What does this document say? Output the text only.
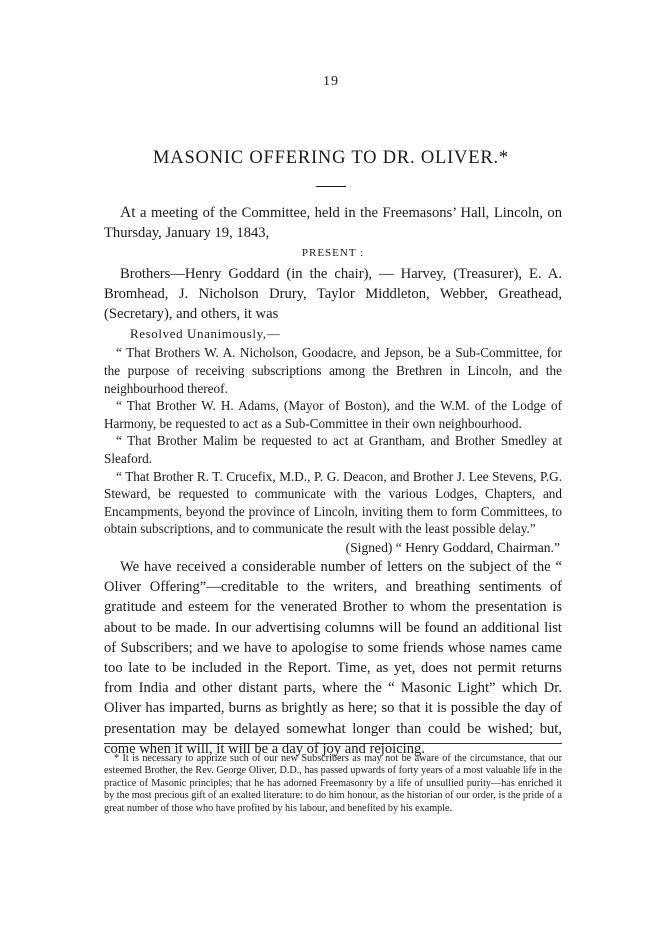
19
MASONIC OFFERING TO DR. OLIVER.*

At a meeting of the Committee, held in the Freemasons’ Hall, Lincoln, on Thursday, January 19, 1843,

PRESENT :

Brothers—Henry Goddard (in the chair), — Harvey, (Treasurer), E. A. Bromhead, J. Nicholson Drury, Taylor Middleton, Webber, Greathead, (Secretary), and others, it was

Resolved Unanimously,—

“ That Brothers W. A. Nicholson, Goodacre, and Jepson, be a Sub-Committee, for the purpose of receiving subscriptions among the Brethren in Lincoln, and the neighbourhood thereof.

“ That Brother W. H. Adams, (Mayor of Boston), and the W.M. of the Lodge of Harmony, be requested to act as a Sub-Committee in their own neighbourhood.

“ That Brother Malim be requested to act at Grantham, and Brother Smedley at Sleaford.

“ That Brother R. T. Crucefix, M.D., P. G. Deacon, and Brother J. Lee Stevens, P.G. Steward, be requested to communicate with the various Lodges, Chapters, and Encampments, beyond the province of Lincoln, inviting them to form Committees, to obtain subscriptions, and to communicate the result with the least possible delay.”

(Signed) “ Henry Goddard, Chairman.”

We have received a considerable number of letters on the subject of the “ Oliver Offering”—creditable to the writers, and breathing sentiments of gratitude and esteem for the venerated Brother to whom the presentation is about to be made. In our advertising columns will be found an additional list of Subscribers; and we have to apologise to some friends whose names came too late to be included in the Report. Time, as yet, does not permit returns from India and other distant parts, where the “ Masonic Light” which Dr. Oliver has imparted, burns as brightly as here; so that it is possible the day of presentation may be delayed somewhat longer than could be wished; but, come when it will, it will be a day of joy and rejoicing.

* It is necessary to apprize such of our new Subscribers as may not be aware of the circumstance, that our esteemed Brother, the Rev. George Oliver, D.D., has passed upwards of forty years of a most valuable life in the practice of Masonic principles; that he has adorned Freemasonry by a life of unsullied purity—has enriched it by the most precious gift of an exalted literature: to do him honour, as the historian of our order, is the pride of a great number of those who have profited by his labour, and benefited by his example.
